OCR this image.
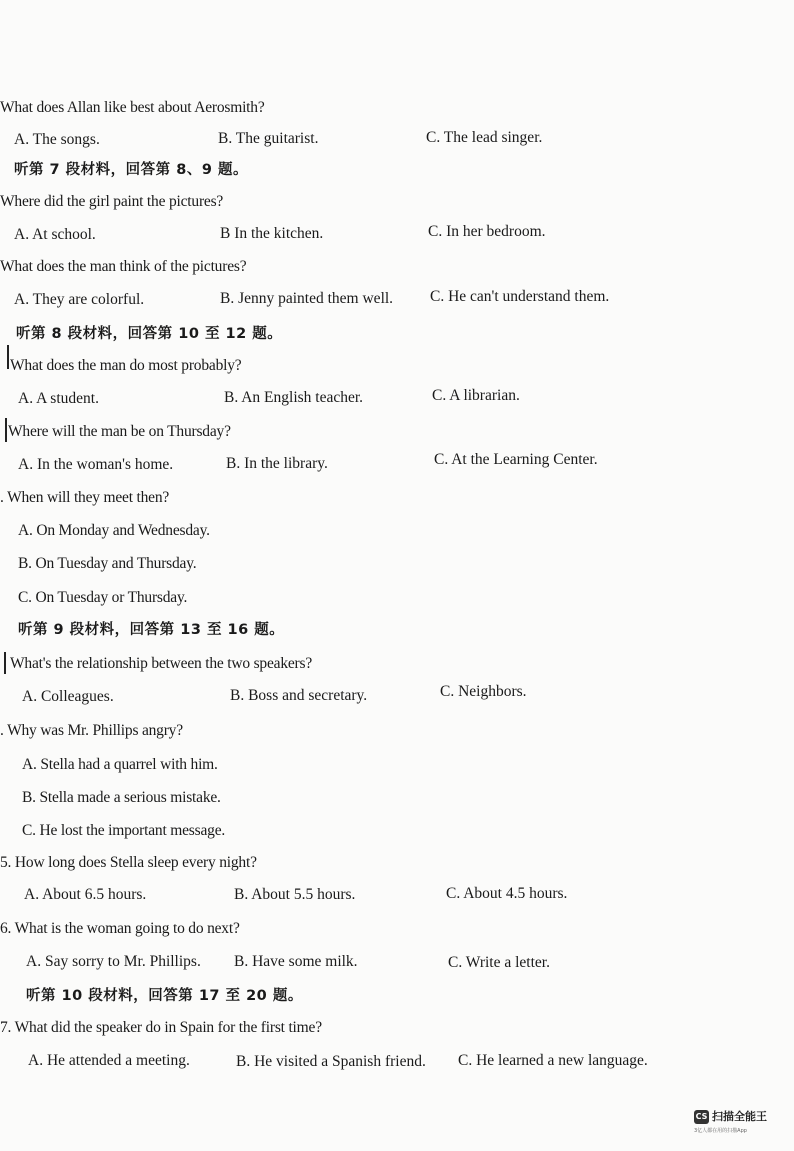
What does Allan like best about Aerosmith?
A. The songs.	B. The guitarist.	C. The lead singer.
听第 7 段材料，回答第 8、9 题。
Where did the girl paint the pictures?
A. At school.	B In the kitchen.	C. In her bedroom.
What does the man think of the pictures?
A. They are colorful.	B. Jenny painted them well. C. He can't understand them.
听第 8 段材料，回答第 10 至 12 题。
What does the man do most probably?
A. A student.	B. An English teacher.	C. A librarian.
Where will the man be on Thursday?
A. In the woman's home.	B. In the library.	C. At the Learning Center.
. When will they meet then?
A. On Monday and Wednesday.
B. On Tuesday and Thursday.
C. On Tuesday or Thursday.
听第 9 段材料，回答第 13 至 16 题。
What's the relationship between the two speakers?
A. Colleagues.	B. Boss and secretary.	C. Neighbors.
. Why was Mr. Phillips angry?
A. Stella had a quarrel with him.
B. Stella made a serious mistake.
C. He lost the important message.
5. How long does Stella sleep every night?
A. About 6.5 hours.	B. About 5.5 hours.	C. About 4.5 hours.
6. What is the woman going to do next?
A. Say sorry to Mr. Phillips. B. Have some milk.	C. Write a letter.
听第 10 段材料，回答第 17 至 20 题。
7. What did the speaker do in Spain for the first time?
A. He attended a meeting.	B. He visited a Spanish friend. C. He learned a new language.
CS 扫描全能王
3亿人都在用的扫描App
